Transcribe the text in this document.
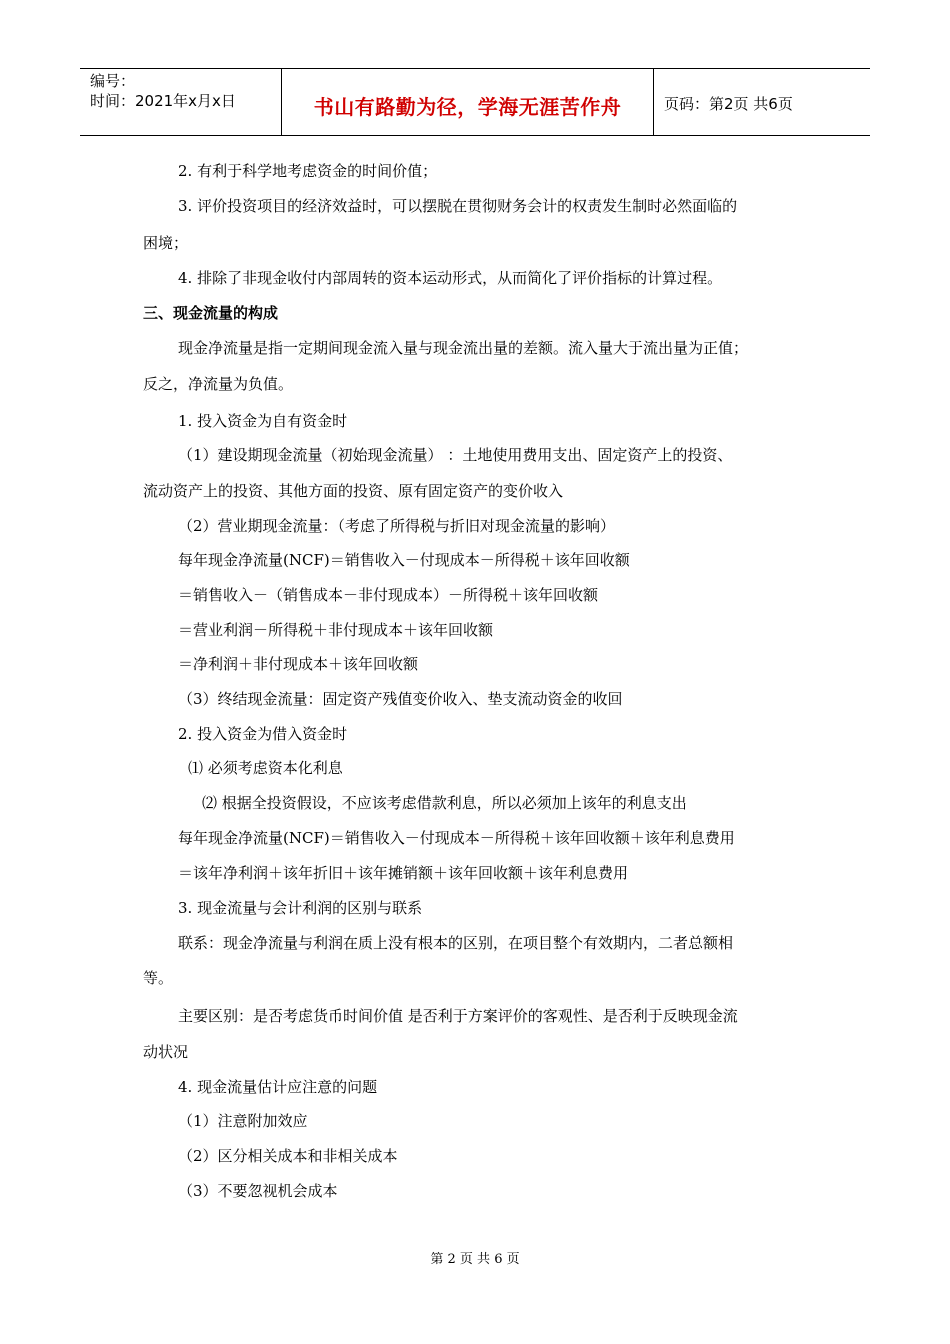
编号：
时间：2021年x月x日	书山有路勤为径，学海无涯苦作舟	页码：第2页 共6页
2. 有利于科学地考虑资金的时间价值；
3. 评价投资项目的经济效益时，可以摆脱在贯彻财务会计的权责发生制时必然面临的
困境；
4. 排除了非现金收付内部周转的资本运动形式，从而简化了评价指标的计算过程。
三、现金流量的构成
现金净流量是指一定期间现金流入量与现金流出量的差额。流入量大于流出量为正值；
反之，净流量为负值。
1. 投入资金为自有资金时
（1）建设期现金流量（初始现金流量） ：土地使用费用支出、固定资产上的投资、
流动资产上的投资、其他方面的投资、原有固定资产的变价收入
（2）营业期现金流量：（考虑了所得税与折旧对现金流量的影响）
每年现金净流量(NCF)＝销售收入－付现成本－所得税＋该年回收额
＝销售收入－（销售成本－非付现成本）－所得税＋该年回收额
＝营业利润－所得税＋非付现成本＋该年回收额
＝净利润＋非付现成本＋该年回收额
（3）终结现金流量：固定资产残值变价收入、垫支流动资金的收回
2. 投入资金为借入资金时
⑴ 必须考虑资本化利息
⑵ 根据全投资假设，不应该考虑借款利息，所以必须加上该年的利息支出
每年现金净流量(NCF)＝销售收入－付现成本－所得税＋该年回收额＋该年利息费用
＝该年净利润＋该年折旧＋该年摊销额＋该年回收额＋该年利息费用
3. 现金流量与会计利润的区别与联系
联系：现金净流量与利润在质上没有根本的区别，在项目整个有效期内，二者总额相
等。
主要区别：是否考虑货币时间价值 是否利于方案评价的客观性、是否利于反映现金流
动状况
4. 现金流量估计应注意的问题
（1）注意附加效应
（2）区分相关成本和非相关成本
（3）不要忽视机会成本
第 2 页 共 6 页
